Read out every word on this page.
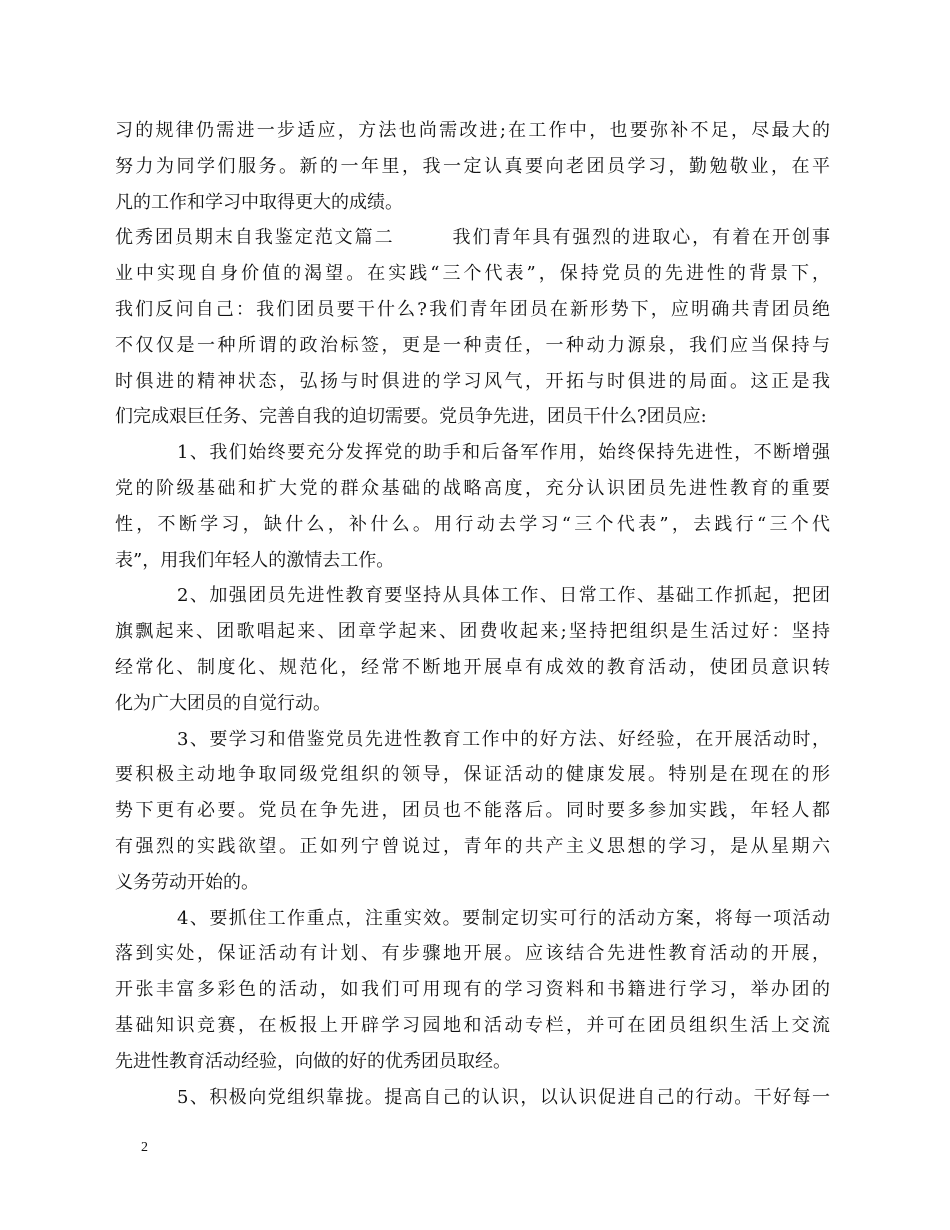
习的规律仍需进一步适应，方法也尚需改进;在工作中，也要弥补不足，尽最大的
努力为同学们服务。新的一年里，我一定认真要向老团员学习，勤勉敬业，在平
凡的工作和学习中取得更大的成绩。
优秀团员期末自我鉴定范文篇二	我们青年具有强烈的进取心，有着在开创事
业中实现自身价值的渴望。在实践“三个代表”，保持党员的先进性的背景下，
我们反问自己：我们团员要干什么?我们青年团员在新形势下，应明确共青团员绝
不仅仅是一种所谓的政治标签，更是一种责任，一种动力源泉，我们应当保持与
时俱进的精神状态，弘扬与时俱进的学习风气，开拓与时俱进的局面。这正是我
们完成艰巨任务、完善自我的迫切需要。党员争先进，团员干什么?团员应:
1、我们始终要充分发挥党的助手和后备军作用，始终保持先进性，不断增强
党的阶级基础和扩大党的群众基础的战略高度，充分认识团员先进性教育的重要
性，不断学习，缺什么，补什么。用行动去学习“三个代表”，去践行“三个代
表”，用我们年轻人的激情去工作。
2、加强团员先进性教育要坚持从具体工作、日常工作、基础工作抓起，把团
旗飘起来、团歌唱起来、团章学起来、团费收起来;坚持把组织是生活过好：坚持
经常化、制度化、规范化，经常不断地开展卓有成效的教育活动，使团员意识转
化为广大团员的自觉行动。
3、要学习和借鉴党员先进性教育工作中的好方法、好经验，在开展活动时，
要积极主动地争取同级党组织的领导，保证活动的健康发展。特别是在现在的形
势下更有必要。党员在争先进，团员也不能落后。同时要多参加实践，年轻人都
有强烈的实践欲望。正如列宁曾说过，青年的共产主义思想的学习，是从星期六
义务劳动开始的。
4、要抓住工作重点，注重实效。要制定切实可行的活动方案，将每一项活动
落到实处，保证活动有计划、有步骤地开展。应该结合先进性教育活动的开展，
开张丰富多彩色的活动，如我们可用现有的学习资料和书籍进行学习，举办团的
基础知识竞赛，在板报上开辟学习园地和活动专栏，并可在团员组织生活上交流
先进性教育活动经验，向做的好的优秀团员取经。
5、积极向党组织靠拢。提高自己的认识，以认识促进自己的行动。干好每一
2
